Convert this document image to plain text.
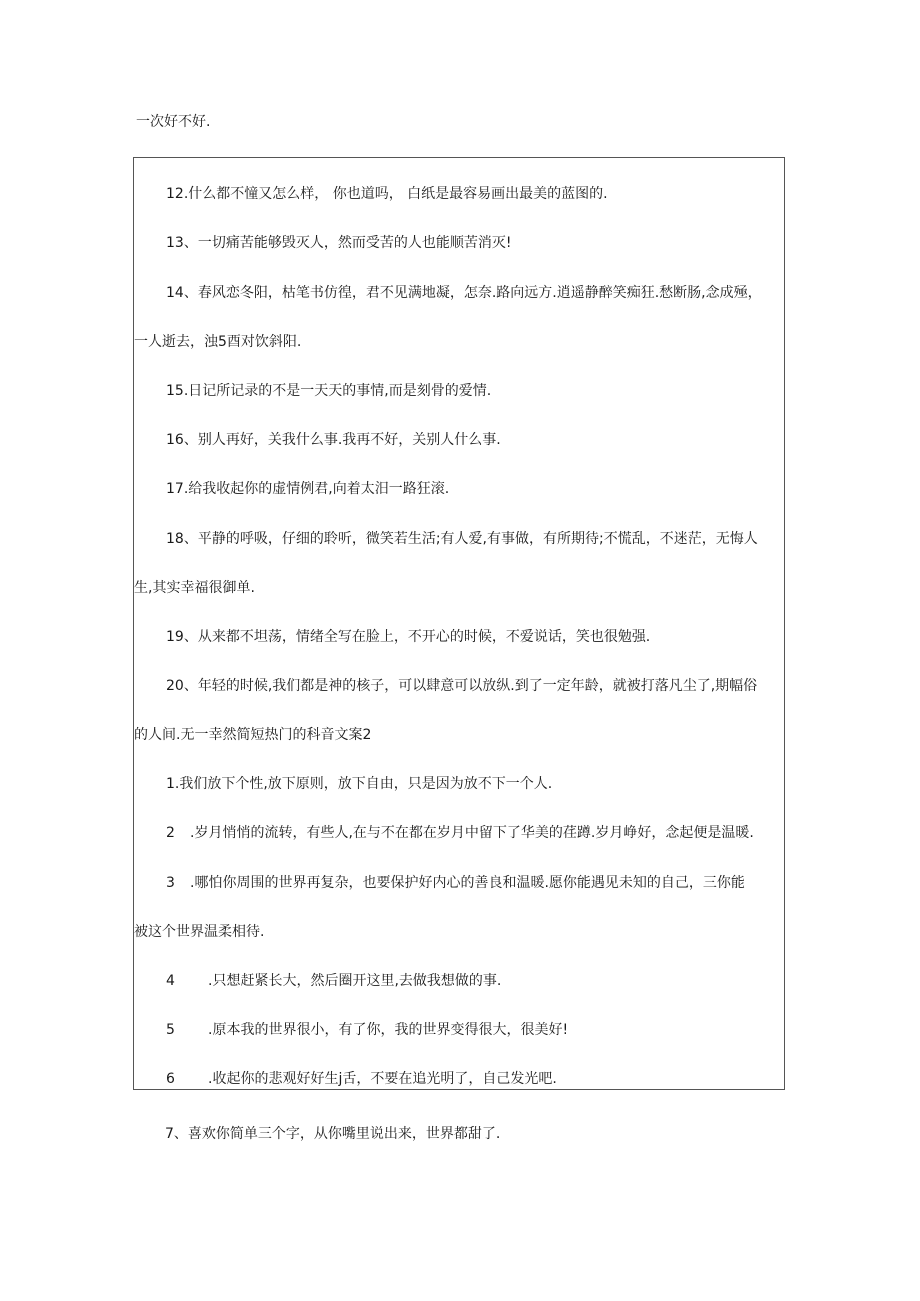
一次好不好.
12.什么都不憧又怎么样， 你也道吗， 白纸是最容易画出最美的蓝图的.
13、一切痛苦能够毁灭人，然而受苦的人也能顺苦消灭!
14、春风恋冬阳，枯笔书仿徨，君不见满地凝，怎奈.路向远方.逍遥静醉笑痴狂.愁断肠,念成殛，
一人逝去，浊5酉对饮斜阳.
15.日记所记录的不是一天天的事情,而是刻骨的爱情.
16、别人再好，关我什么事.我再不好，关别人什么事.
17.给我收起你的虚情例君,向着太汨一路狂滚.
18、平静的呼吸，仔细的聆听，微笑若生活;有人爱,有事做，有所期待;不慌乱，不迷茫，无悔人
生,其实幸福很御单.
19、从来都不坦荡，情绪全写在脸上，不开心的时候，不爱说话，笑也很勉强.
20、年轻的时候,我们都是神的核子，可以肆意可以放纵.到了一定年龄，就被打落凡尘了,期幅俗
的人间.无一幸然简短热门的科音文案2
1.我们放下个性,放下原则，放下自由，只是因为放不下一个人.
2 .岁月悄悄的流转，有些人,在与不在都在岁月中留下了华美的荏蹲.岁月峥好，念起便是温暖.
3 .哪怕你周围的世界再复杂，也要保护好内心的善良和温暖.愿你能遇见未知的自己，三你能
被这个世界温柔相待.
4 .只想赶紧长大，然后圈开这里,去做我想做的事.
5 .原本我的世界很小，有了你，我的世界变得很大，很美好!
6 .收起你的悲观好好生j舌，不要在追光明了，自己发光吧.
7、喜欢你简单三个字，从你嘴里说出来，世界都甜了.
